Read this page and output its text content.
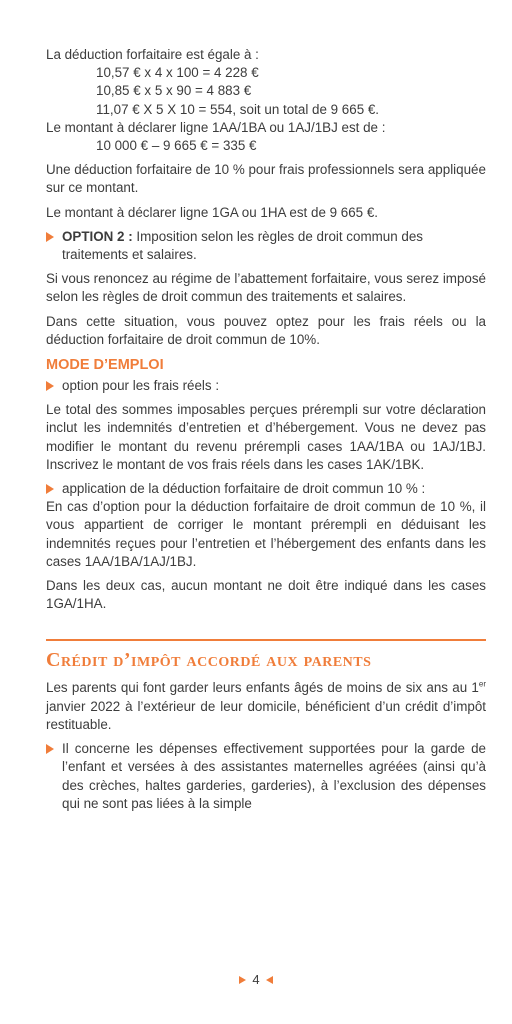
La déduction forfaitaire est égale à :

10,57 € x 4 x 100 = 4 228 €

10,85 € x 5 x 90 = 4 883 €

11,07 € X 5 X 10 = 554, soit un total de 9 665 €.

Le montant à déclarer ligne 1AA/1BA ou 1AJ/1BJ est de :

10 000 € – 9 665 € = 335 €

Une déduction forfaitaire de 10 % pour frais professionnels sera appliquée sur ce montant.

Le montant à déclarer ligne 1GA ou 1HA est de 9 665 €.

OPTION 2 : Imposition selon les règles de droit commun des traitements et salaires.

Si vous renoncez au régime de l’abattement forfaitaire, vous serez imposé selon les règles de droit commun des traitements et salaires.

Dans cette situation, vous pouvez optez pour les frais réels ou la déduction forfaitaire de droit commun de 10%.

MODE D’EMPLOI

option pour les frais réels :

Le total des sommes imposables perçues prérempli sur votre déclaration inclut les indemnités d’entretien et d’hébergement. Vous ne devez pas modifier le montant du revenu prérempli cases 1AA/1BA ou 1AJ/1BJ. Inscrivez le montant de vos frais réels dans les cases 1AK/1BK.

application de la déduction forfaitaire de droit commun 10 % :

En cas d’option pour la déduction forfaitaire de droit commun de 10 %, il vous appartient de corriger le montant prérempli en déduisant les indemnités reçues pour l’entretien et l’hébergement des enfants dans les cases 1AA/1BA/1AJ/1BJ.

Dans les deux cas, aucun montant ne doit être indiqué dans les cases 1GA/1HA.

Crédit d’impôt accordé aux parents

Les parents qui font garder leurs enfants âgés de moins de six ans au 1er janvier 2022 à l’extérieur de leur domicile, bénéficient d’un crédit d’impôt restituable.

Il concerne les dépenses effectivement supportées pour la garde de l’enfant et versées à des assistantes maternelles agréées (ainsi qu’à des crèches, haltes garderies, garderies), à l’exclusion des dépenses qui ne sont pas liées à la simple

4
